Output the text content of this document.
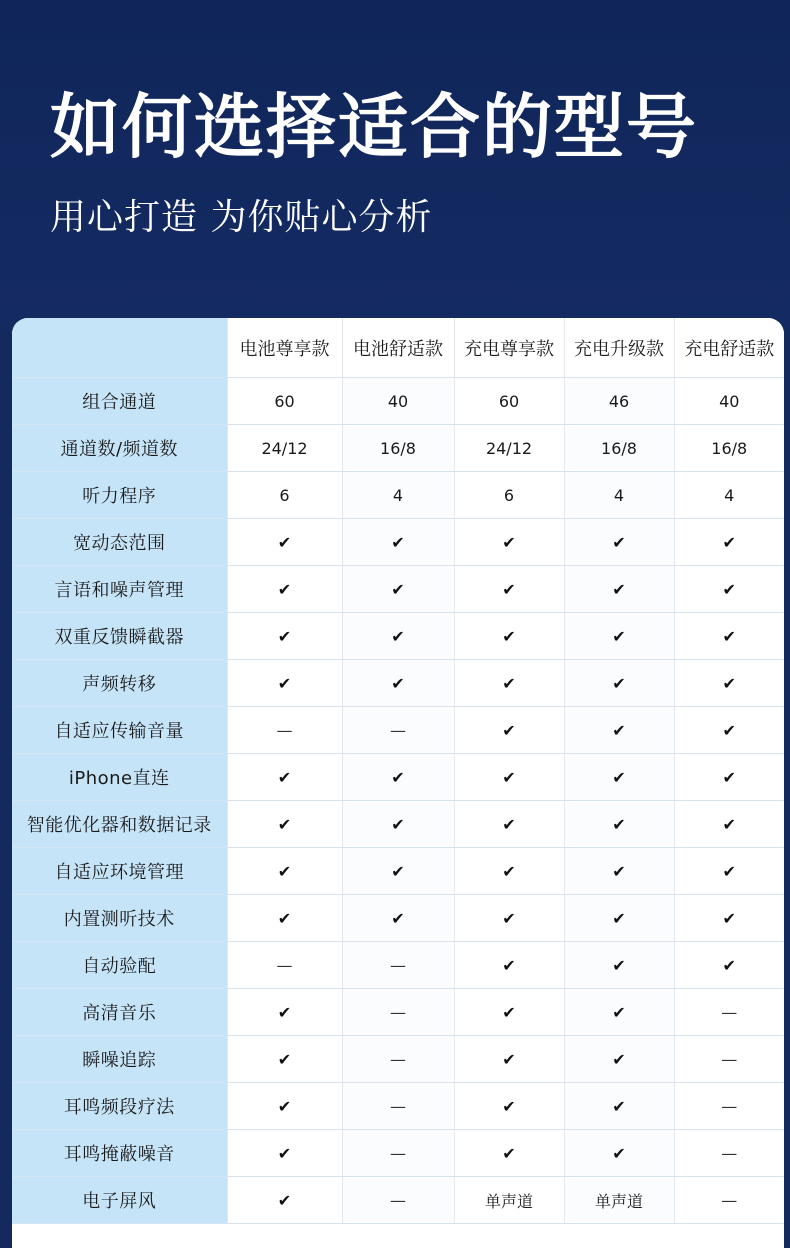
如何选择适合的型号
用心打造 为你贴心分析
	电池尊享款	电池舒适款	充电尊享款	充电升级款	充电舒适款
组合通道	60	40	60	46	40
通道数/频道数	24/12	16/8	24/12	16/8	16/8
听力程序	6	4	6	4	4
宽动态范围	✔	✔	✔	✔	✔
言语和噪声管理	✔	✔	✔	✔	✔
双重反馈瞬截器	✔	✔	✔	✔	✔
声频转移	✔	✔	✔	✔	✔
自适应传输音量	—	—	✔	✔	✔
iPhone直连	✔	✔	✔	✔	✔
智能优化器和数据记录	✔	✔	✔	✔	✔
自适应环境管理	✔	✔	✔	✔	✔
内置测听技术	✔	✔	✔	✔	✔
自动验配	—	—	✔	✔	✔
高清音乐	✔	—	✔	✔	—
瞬噪追踪	✔	—	✔	✔	—
耳鸣频段疗法	✔	—	✔	✔	—
耳鸣掩蔽噪音	✔	—	✔	✔	—
电子屏风	✔	—	单声道	单声道	—
